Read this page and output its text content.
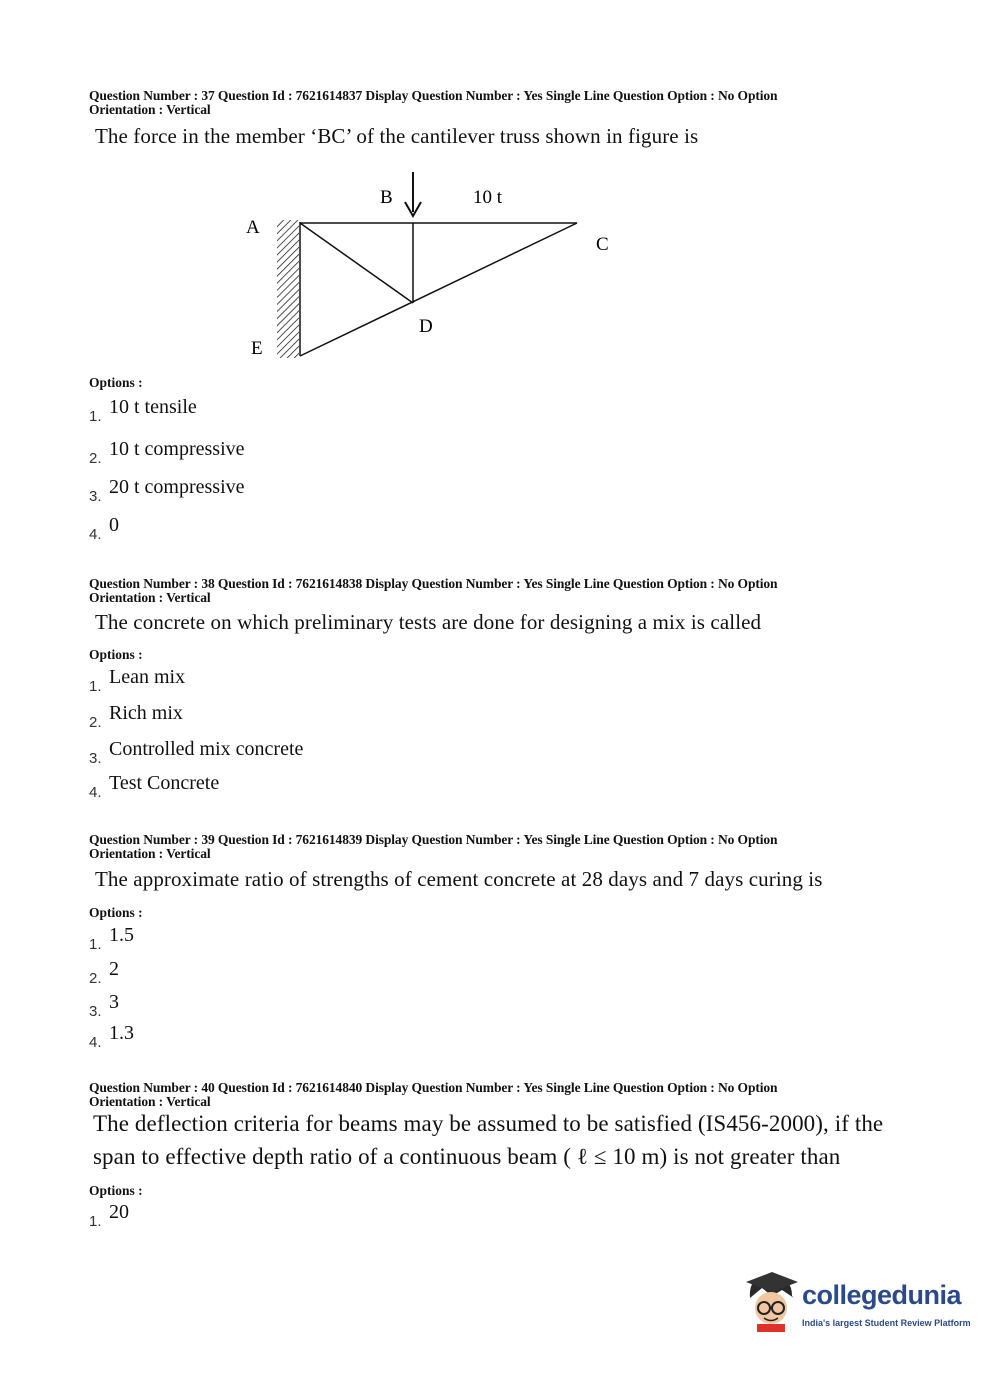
Question Number : 37 Question Id : 7621614837 Display Question Number : Yes Single Line Question Option : No Option
Orientation : Vertical
The force in the member ‘BC’ of the cantilever truss shown in figure is
A
B	10 t
C
D
E
Options :
1. 10 t tensile
2. 10 t compressive
3. 20 t compressive
4. 0
Question Number : 38 Question Id : 7621614838 Display Question Number : Yes Single Line Question Option : No Option
Orientation : Vertical
The concrete on which preliminary tests are done for designing a mix is called
Options :
1. Lean mix
2. Rich mix
3. Controlled mix concrete
4. Test Concrete
Question Number : 39 Question Id : 7621614839 Display Question Number : Yes Single Line Question Option : No Option
Orientation : Vertical
The approximate ratio of strengths of cement concrete at 28 days and 7 days curing is
Options :
1. 1.5
2. 2
3. 3
4. 1.3
Question Number : 40 Question Id : 7621614840 Display Question Number : Yes Single Line Question Option : No Option
Orientation : Vertical
The deflection criteria for beams may be assumed to be satisfied (IS456-2000), if the
span to effective depth ratio of a continuous beam ( ℓ ≤ 10 m) is not greater than
Options :
1. 20
collegedunia
India's largest Student Review Platform
